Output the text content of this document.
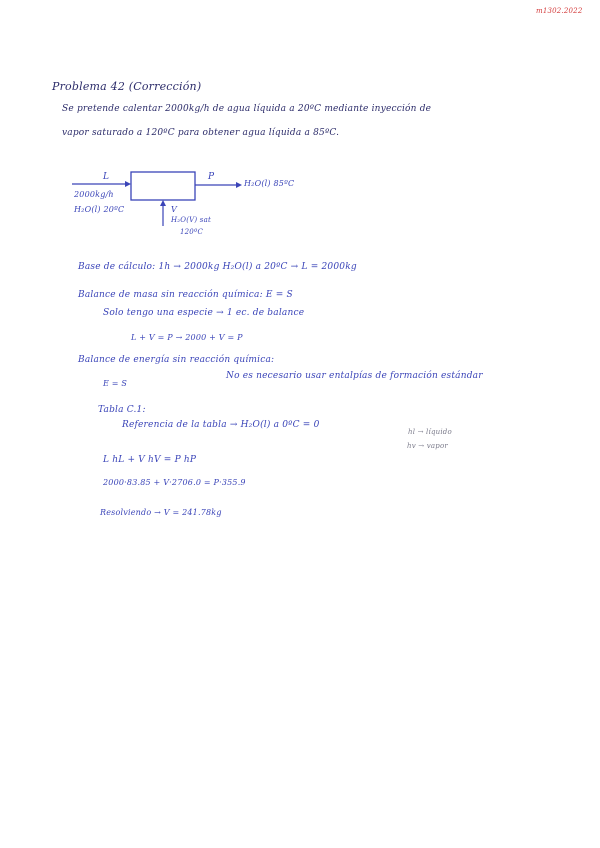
m1302.2022
Problema 42 (Corrección)
Se pretende calentar 2000kg/h de agua líquida a 20ºC mediante inyección de
vapor saturado a 120ºC para obtener agua líquida a 85ºC.
L
2000kg/h
H₂O(l) 20ºC
P
H₂O(l) 85ºC
V
H₂O(V) sat
120ºC
Base de cálculo: 1h → 2000kg H₂O(l) a 20ºC → L = 2000kg
Balance de masa sin reacción química: E = S
Solo tengo una especie → 1 ec. de balance
L + V = P → 2000 + V = P
Balance de energía sin reacción química:
No es necesario usar entalpías de formación estándar
E = S
Tabla C.1:
Referencia de la tabla → H₂O(l) a 0ºC = 0
hl → líquido
hv → vapor
L hL + V hV = P hP
2000·83.85 + V·2706.0 = P·355.9
Resolviendo → V = 241.78kg
